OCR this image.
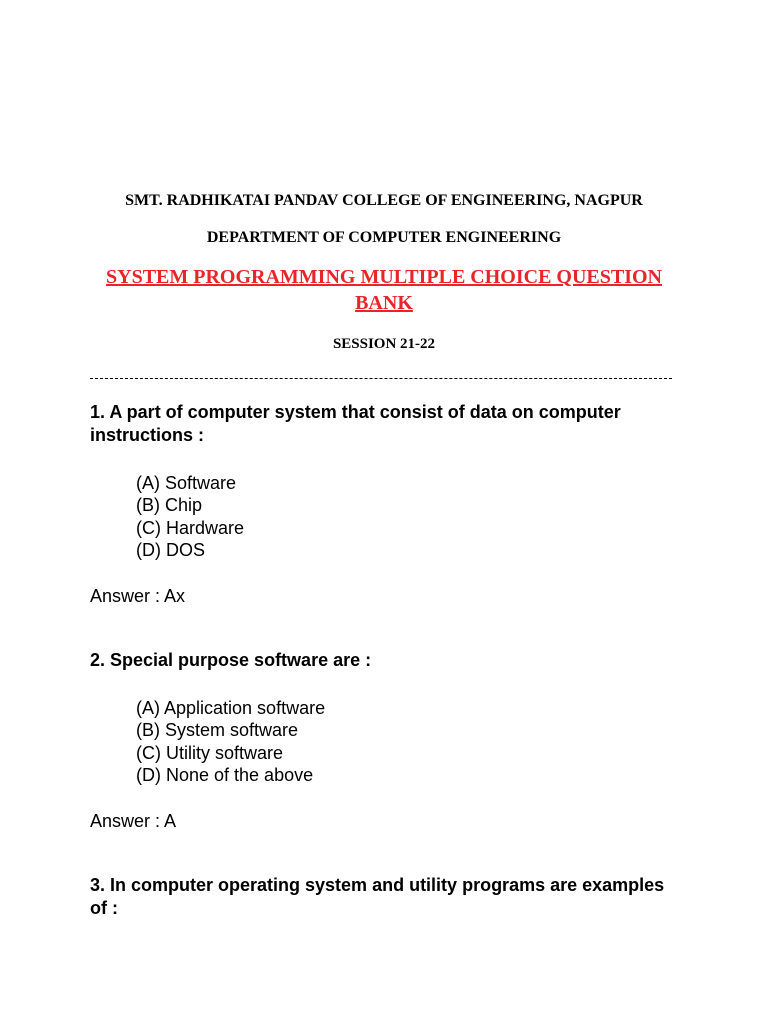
SMT. RADHIKATAI PANDAV COLLEGE OF ENGINEERING, NAGPUR
DEPARTMENT OF COMPUTER ENGINEERING
SYSTEM PROGRAMMING MULTIPLE CHOICE QUESTION BANK
SESSION 21-22
1. A part of computer system that consist of data on computer instructions :
(A) Software
(B) Chip
(C) Hardware
(D) DOS
Answer : Ax
2. Special purpose software are :
(A) Application software
(B) System software
(C) Utility software
(D) None of the above
Answer : A
3. In computer operating system and utility programs are examples of :
